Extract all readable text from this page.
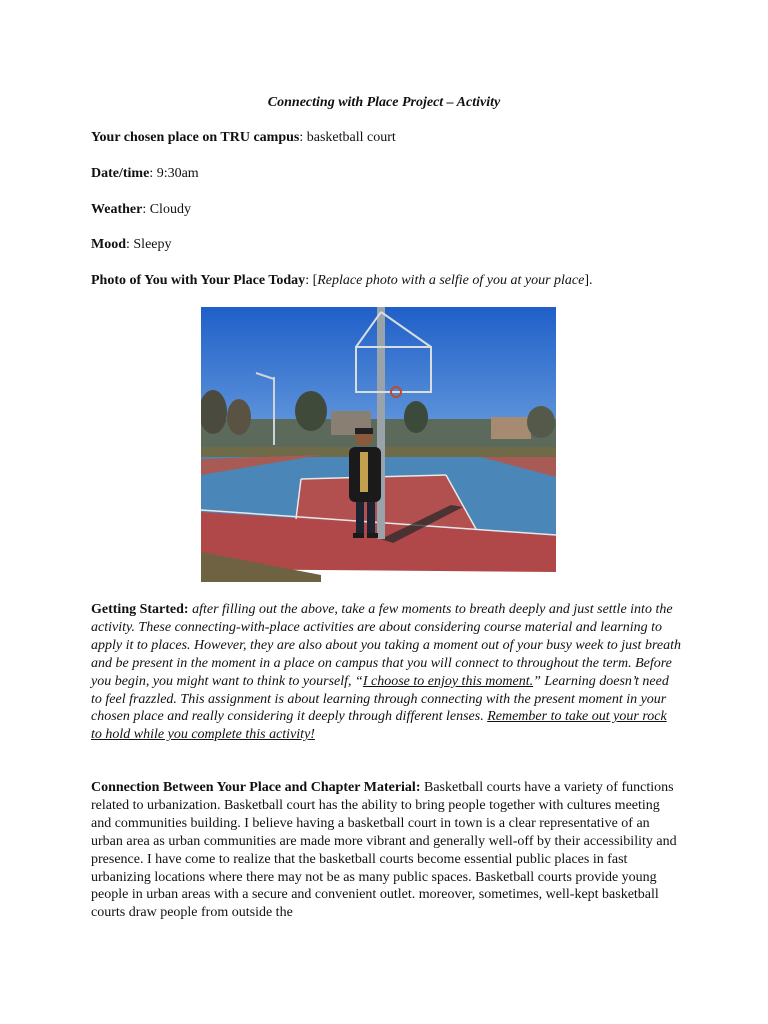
Connecting with Place Project – Activity
Your chosen place on TRU campus: basketball court
Date/time: 9:30am
Weather: Cloudy
Mood: Sleepy
Photo of You with Your Place Today: [Replace photo with a selfie of you at your place].
Getting Started: after filling out the above, take a few moments to breath deeply and just settle into the activity. These connecting-with-place activities are about considering course material and learning to apply it to places. However, they are also about you taking a moment out of your busy week to just breath and be present in the moment in a place on campus that you will connect to throughout the term. Before you begin, you might want to think to yourself, “I choose to enjoy this moment.” Learning doesn’t need to feel frazzled. This assignment is about learning through connecting with the present moment in your chosen place and really considering it deeply through different lenses. Remember to take out your rock to hold while you complete this activity!
Connection Between Your Place and Chapter Material: Basketball courts have a variety of functions related to urbanization. Basketball court has the ability to bring people together with cultures meeting and communities building. I believe having a basketball court in town is a clear representative of an urban area as urban communities are made more vibrant and generally well-off by their accessibility and presence. I have come to realize that the basketball courts become essential public places in fast urbanizing locations where there may not be as many public spaces. Basketball courts provide young people in urban areas with a secure and convenient outlet. moreover, sometimes, well-kept basketball courts draw people from outside the
